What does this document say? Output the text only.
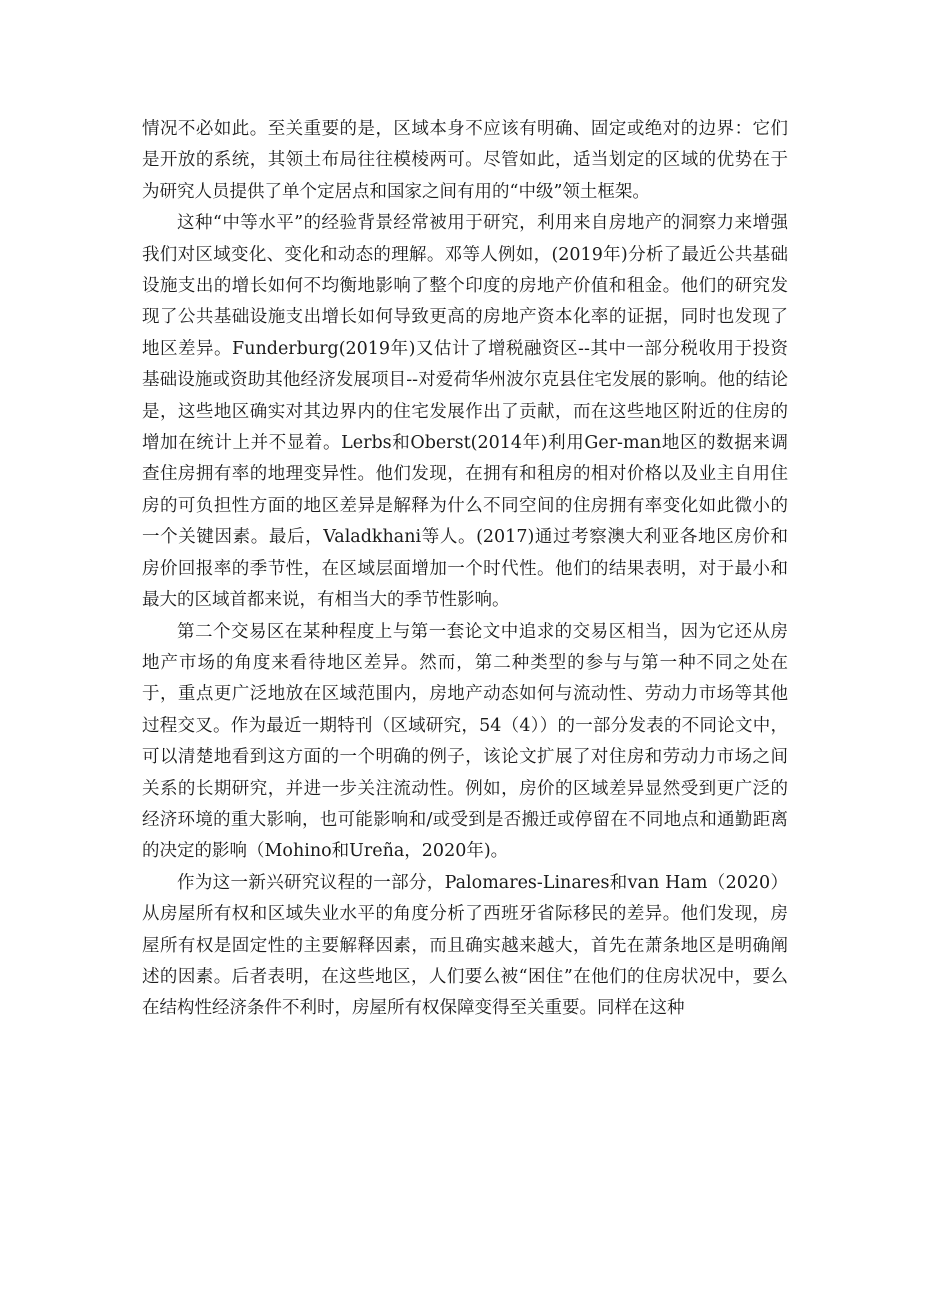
情况不必如此。至关重要的是，区域本身不应该有明确、固定或绝对的边界：它们是开放的系统，其领土布局往往模棱两可。尽管如此，适当划定的区域的优势在于为研究人员提供了单个定居点和国家之间有用的“中级”领土框架。

这种“中等水平”的经验背景经常被用于研究，利用来自房地产的洞察力来增强我们对区域变化、变化和动态的理解。邓等人例如，(2019年)分析了最近公共基础设施支出的增长如何不均衡地影响了整个印度的房地产价值和租金。他们的研究发现了公共基础设施支出增长如何导致更高的房地产资本化率的证据，同时也发现了地区差异。Funderburg(2019年)又估计了增税融资区--其中一部分税收用于投资基础设施或资助其他经济发展项目--对爱荷华州波尔克县住宅发展的影响。他的结论是，这些地区确实对其边界内的住宅发展作出了贡献，而在这些地区附近的住房的增加在统计上并不显着。Lerbs和Oberst(2014年)利用Ger-man地区的数据来调查住房拥有率的地理变异性。他们发现，在拥有和租房的相对价格以及业主自用住房的可负担性方面的地区差异是解释为什么不同空间的住房拥有率变化如此微小的一个关键因素。最后，Valadkhani等人。(2017)通过考察澳大利亚各地区房价和房价回报率的季节性，在区域层面增加一个时代性。他们的结果表明，对于最小和最大的区域首都来说，有相当大的季节性影响。

第二个交易区在某种程度上与第一套论文中追求的交易区相当，因为它还从房地产市场的角度来看待地区差异。然而，第二种类型的参与与第一种不同之处在于，重点更广泛地放在区域范围内，房地产动态如何与流动性、劳动力市场等其他过程交叉。作为最近一期特刊（区域研究，54（4））的一部分发表的不同论文中，可以清楚地看到这方面的一个明确的例子，该论文扩展了对住房和劳动力市场之间关系的长期研究，并进一步关注流动性。例如，房价的区域差异显然受到更广泛的经济环境的重大影响，也可能影响和/或受到是否搬迁或停留在不同地点和通勤距离的决定的影响（Mohino和Ureña，2020年)。

作为这一新兴研究议程的一部分，Palomares-Linares和van Ham（2020）从房屋所有权和区域失业水平的角度分析了西班牙省际移民的差异。他们发现，房屋所有权是固定性的主要解释因素，而且确实越来越大，首先在萧条地区是明确阐述的因素。后者表明，在这些地区，人们要么被“困住”在他们的住房状况中，要么在结构性经济条件不利时，房屋所有权保障变得至关重要。同样在这种
